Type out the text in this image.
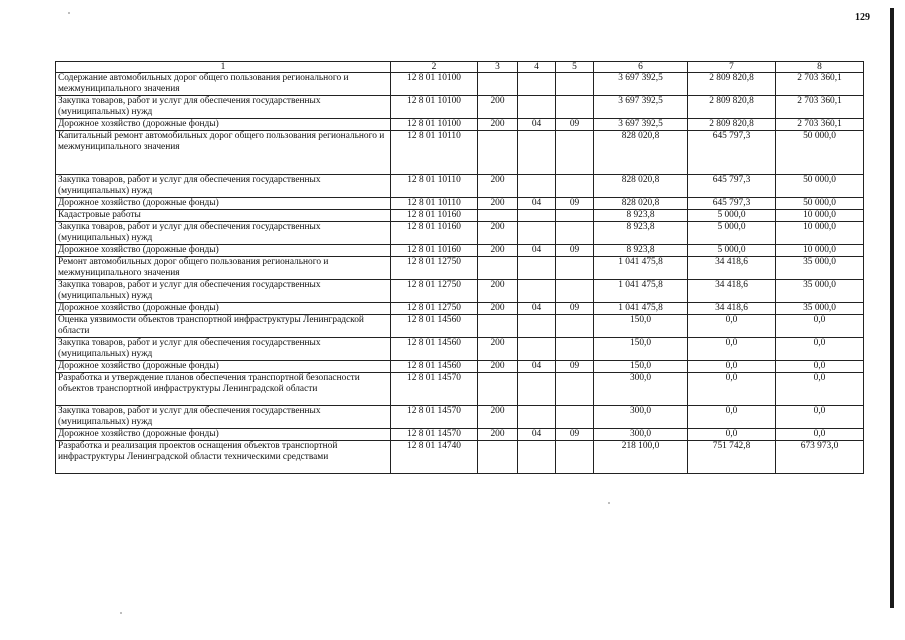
129
1	2	3	4	5	6	7	8
Содержание автомобильных дорог общего пользования регионального и межмуниципального значения	12 8 01 10100				3 697 392,5	2 809 820,8	2 703 360,1
Закупка товаров, работ и услуг для обеспечения государственных (муниципальных) нужд	12 8 01 10100	200			3 697 392,5	2 809 820,8	2 703 360,1
Дорожное хозяйство (дорожные фонды)	12 8 01 10100	200	04	09	3 697 392,5	2 809 820,8	2 703 360,1
Капитальный ремонт автомобильных дорог общего пользования регионального и межмуниципального значения	12 8 01 10110				828 020,8	645 797,3	50 000,0
Закупка товаров, работ и услуг для обеспечения государственных (муниципальных) нужд	12 8 01 10110	200			828 020,8	645 797,3	50 000,0
Дорожное хозяйство (дорожные фонды)	12 8 01 10110	200	04	09	828 020,8	645 797,3	50 000,0
Кадастровые работы	12 8 01 10160				8 923,8	5 000,0	10 000,0
Закупка товаров, работ и услуг для обеспечения государственных (муниципальных) нужд	12 8 01 10160	200			8 923,8	5 000,0	10 000,0
Дорожное хозяйство (дорожные фонды)	12 8 01 10160	200	04	09	8 923,8	5 000,0	10 000,0
Ремонт автомобильных дорог общего пользования регионального и межмуниципального значения	12 8 01 12750				1 041 475,8	34 418,6	35 000,0
Закупка товаров, работ и услуг для обеспечения государственных (муниципальных) нужд	12 8 01 12750	200			1 041 475,8	34 418,6	35 000,0
Дорожное хозяйство (дорожные фонды)	12 8 01 12750	200	04	09	1 041 475,8	34 418,6	35 000,0
Оценка уязвимости объектов транспортной инфраструктуры Ленинградской области	12 8 01 14560				150,0	0,0	0,0
Закупка товаров, работ и услуг для обеспечения государственных (муниципальных) нужд	12 8 01 14560	200			150,0	0,0	0,0
Дорожное хозяйство (дорожные фонды)	12 8 01 14560	200	04	09	150,0	0,0	0,0
Разработка и утверждение планов обеспечения транспортной безопасности объектов транспортной инфраструктуры Ленинградской области	12 8 01 14570				300,0	0,0	0,0
Закупка товаров, работ и услуг для обеспечения государственных (муниципальных) нужд	12 8 01 14570	200			300,0	0,0	0,0
Дорожное хозяйство (дорожные фонды)	12 8 01 14570	200	04	09	300,0	0,0	0,0
Разработка и реализация проектов оснащения объектов транспортной инфраструктуры Ленинградской области техническими средствами	12 8 01 14740				218 100,0	751 742,8	673 973,0
